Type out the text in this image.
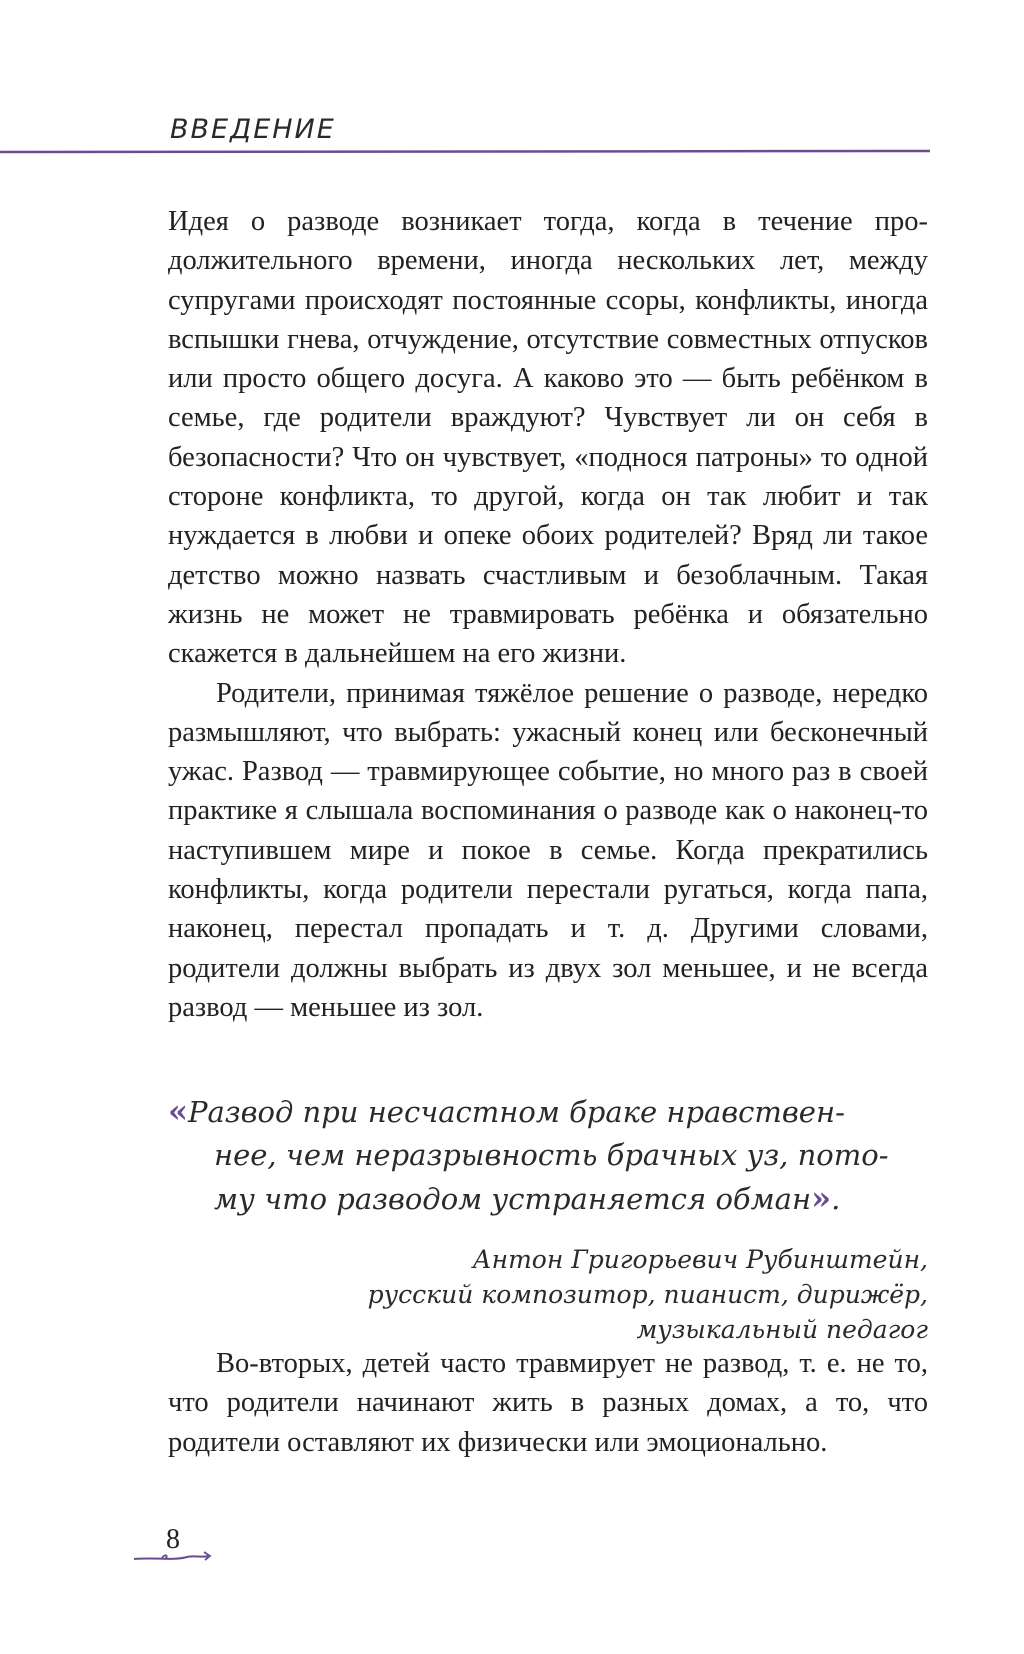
ВВЕДЕНИЕ

Идея о разводе возникает тогда, когда в течение продолжительного времени, иногда нескольких лет, между супругами происходят постоянные ссоры, конфликты, иногда вспышки гнева, отчуждение, отсутствие совместных отпусков или просто общего досуга. А каково это — быть ребёнком в семье, где родители враждуют? Чувствует ли он себя в безопасности? Что он чувствует, «поднося патроны» то одной стороне конфликта, то другой, когда он так любит и так нуждается в любви и опеке обоих родителей? Вряд ли такое детство можно назвать счастливым и безоблачным. Такая жизнь не может не травмировать ребёнка и обязательно скажется в дальнейшем на его жизни.

Родители, принимая тяжёлое решение о разводе, нередко размышляют, что выбрать: ужасный конец или бесконечный ужас. Развод — травмирующее событие, но много раз в своей практике я слышала воспоминания о разводе как о наконец-то наступившем мире и покое в семье. Когда прекратились конфликты, когда родители перестали ругаться, когда папа, наконец, перестал пропадать и т. д. Другими словами, родители должны выбрать из двух зол меньшее, и не всегда развод — меньшее из зол.

«Развод при несчастном браке нравствен-
нее, чем неразрывность брачных уз, пото-
му что разводом устраняется обман».
Антон Григорьевич Рубинштейн,
русский композитор, пианист, дирижёр,
музыкальный педагог

Во-вторых, детей часто травмирует не развод, т. е. не то, что родители начинают жить в разных домах, а то, что родители оставляют их физически или эмоционально.

8
